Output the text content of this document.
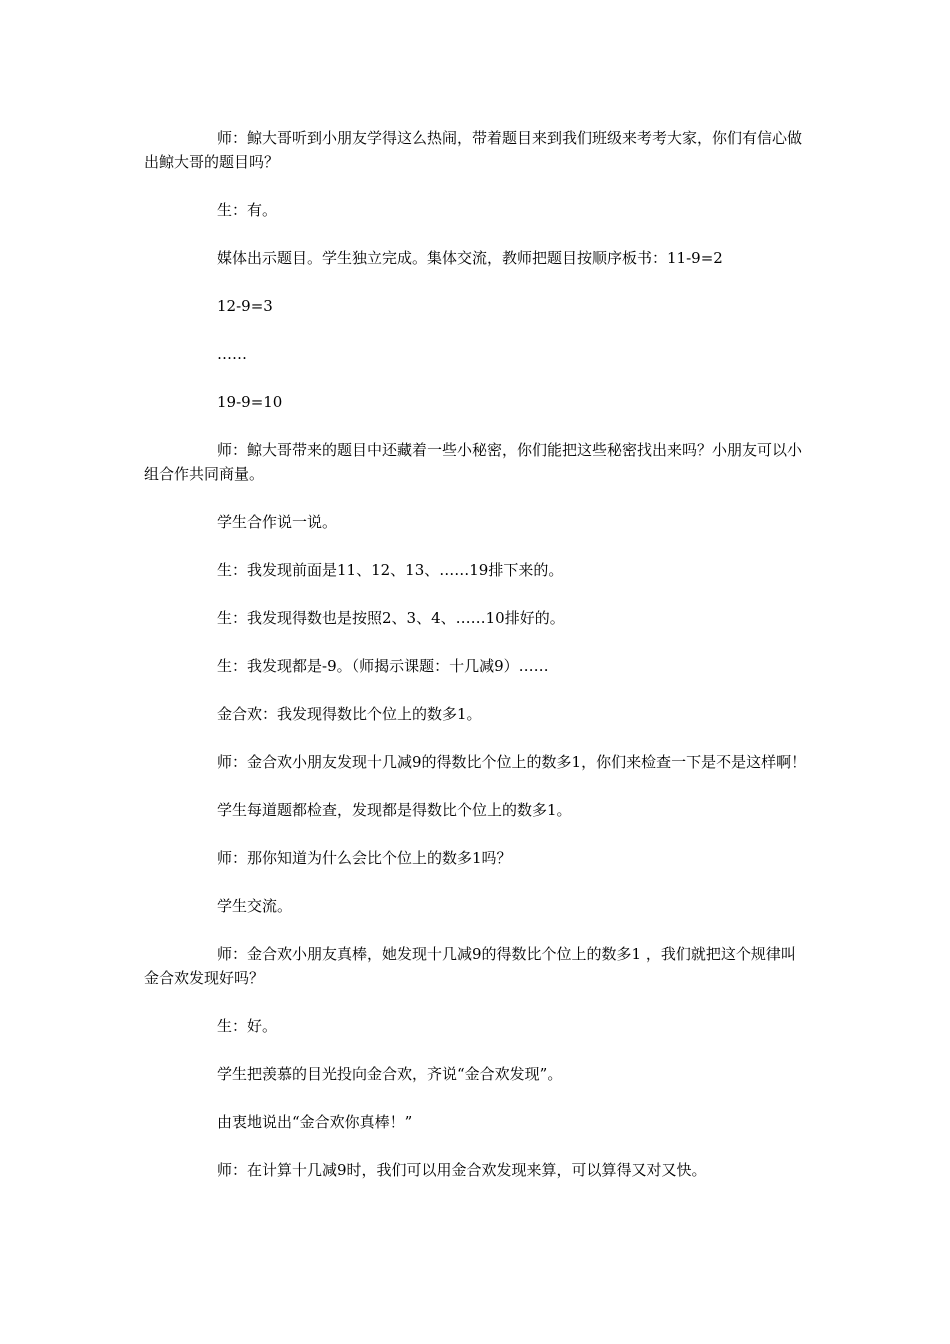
师：鲸大哥听到小朋友学得这么热闹，带着题目来到我们班级来考考大家，你们有信心做出鲸大哥的题目吗？

生：有。

媒体出示题目。学生独立完成。集体交流，教师把题目按顺序板书：11-9=2

12-9=3

……

19-9=10

师：鲸大哥带来的题目中还藏着一些小秘密，你们能把这些秘密找出来吗？小朋友可以小组合作共同商量。

学生合作说一说。

生：我发现前面是11、12、13、……19排下来的。

生：我发现得数也是按照2、3、4、……10排好的。

生：我发现都是-9。（师揭示课题：十几减9）……

金合欢：我发现得数比个位上的数多1。

师：金合欢小朋友发现十几减9的得数比个位上的数多1，你们来检查一下是不是这样啊！

学生每道题都检查，发现都是得数比个位上的数多1。

师：那你知道为什么会比个位上的数多1吗？

学生交流。

师：金合欢小朋友真棒，她发现十几减9的得数比个位上的数多1 ，我们就把这个规律叫金合欢发现好吗？

生：好。

学生把羡慕的目光投向金合欢，齐说“金合欢发现”。

由衷地说出“金合欢你真棒！”

师：在计算十几减9时，我们可以用金合欢发现来算，可以算得又对又快。
